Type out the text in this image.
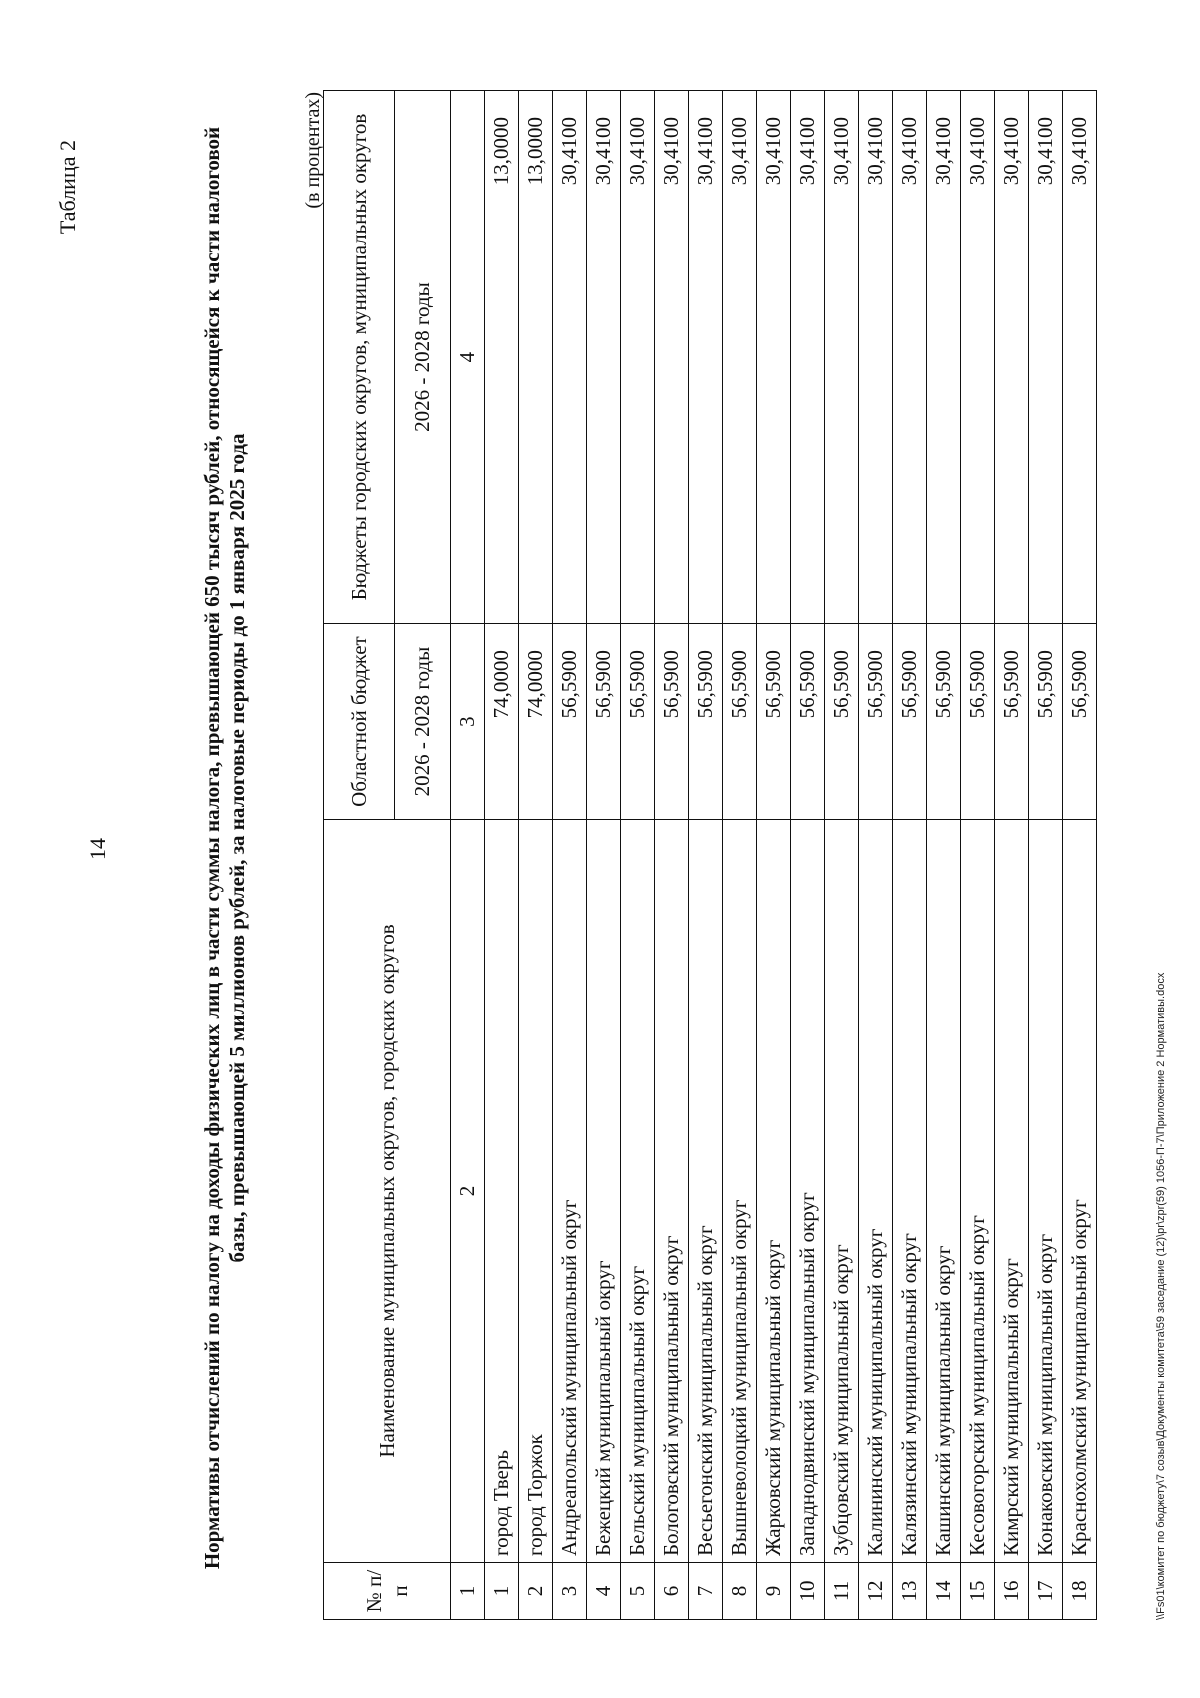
14
Таблица 2	Нормативы отчислений по налогу на доходы физических лиц в части суммы налога, превышающей 650 тысяч рублей, относящейся к части налоговой базы, превышающей 5 миллионов рублей, за налоговые периоды до 1 января 2025 года
(в процентах)
№ п/п	Наименование муниципальных округов, городских округов	Областной бюджет	Бюджеты городских округов, муниципальных округов
		2026 - 2028 годы	2026 - 2028 годы
1	2	3	4
1	город Тверь	74,0000	13,0000
2	город Торжок	74,0000	13,0000
3	Андреапольский муниципальный округ	56,5900	30,4100
4	Бежецкий муниципальный округ	56,5900	30,4100
5	Бельский муниципальный округ	56,5900	30,4100
6	Бологовский муниципальный округ	56,5900	30,4100
7	Весьегонский муниципальный округ	56,5900	30,4100
8	Вышневолоцкий муниципальный округ	56,5900	30,4100
9	Жарковский муниципальный округ	56,5900	30,4100
10	Западнодвинский муниципальный округ	56,5900	30,4100
11	Зубцовский муниципальный округ	56,5900	30,4100
12	Калининский муниципальный округ	56,5900	30,4100
13	Калязинский муниципальный округ	56,5900	30,4100
14	Кашинский муниципальный округ	56,5900	30,4100
15	Кесовогорский муниципальный округ	56,5900	30,4100
16	Кимрский муниципальный округ	56,5900	30,4100
17	Конаковский муниципальный округ	56,5900	30,4100
18	Краснохолмский муниципальный округ	56,5900	30,4100
\\Fs01\комитет по бюджету\7 созыв\Документы комитета\59 заседание (12)\pr\zpr(59) 1056-П-7\Приложение 2 Нормативы.docx
